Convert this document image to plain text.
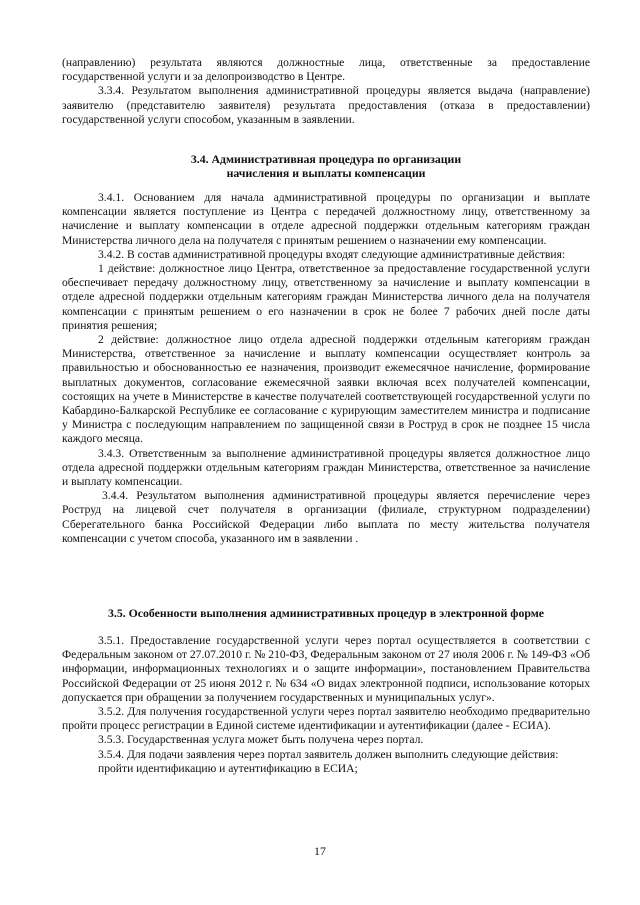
(направлению) результата являются должностные лица, ответственные за предоставление государственной услуги и за делопроизводство в Центре.

3.3.4. Результатом выполнения административной процедуры является выдача (направление) заявителю (представителю заявителя) результата предоставления (отказа в предоставлении) государственной услуги способом, указанным в заявлении.

3.4. Административная процедура по организации

начисления и выплаты компенсации

3.4.1. Основанием для начала административной процедуры по организации и выплате компенсации является поступление из Центра с передачей должностному лицу, ответственному за начисление и выплату компенсации в отделе адресной поддержки отдельным категориям граждан Министерства личного дела на получателя с принятым решением о назначении ему компенсации.

3.4.2. В состав административной процедуры входят следующие административные действия:

1 действие: должностное лицо Центра, ответственное за предоставление государственной услуги обеспечивает передачу должностному лицу, ответственному за начисление и выплату компенсации в отделе адресной поддержки отдельным категориям граждан Министерства личного дела на получателя компенсации с принятым решением о его назначении в срок не более 7 рабочих дней после даты принятия решения;

2 действие: должностное лицо отдела адресной поддержки отдельным категориям граждан Министерства, ответственное за начисление и выплату компенсации осуществляет контроль за правильностью и обоснованностью ее назначения, производит ежемесячное начисление, формирование выплатных документов, согласование ежемесячной заявки включая всех получателей компенсации, состоящих на учете в Министерстве в качестве получателей соответствующей государственной услуги по Кабардино-Балкарской Республике ее согласование с курирующим заместителем министра и подписание у Министра с последующим направлением по защищенной связи в Роструд в срок не позднее 15 числа каждого месяца.

3.4.3. Ответственным за выполнение административной процедуры является должностное лицо отдела адресной поддержки отдельным категориям граждан Министерства, ответственное за начисление и выплату компенсации.

3.4.4. Результатом выполнения административной процедуры является перечисление через Роструд на лицевой счет получателя в организации (филиале, структурном подразделении) Сберегательного банка Российской Федерации либо выплата по месту жительства получателя компенсации с учетом способа, указанного им в заявлении .

3.5. Особенности выполнения административных процедур в электронной форме

3.5.1. Предоставление государственной услуги через портал осуществляется в соответствии с Федеральным законом от 27.07.2010 г. № 210-ФЗ, Федеральным законом от 27 июля 2006 г. № 149-ФЗ «Об информации, информационных технологиях и о защите информации», постановлением Правительства Российской Федерации от 25 июня 2012 г. № 634 «О видах электронной подписи, использование которых допускается при обращении за получением государственных и муниципальных услуг».

3.5.2. Для получения государственной услуги через портал заявителю необходимо предварительно пройти процесс регистрации в Единой системе идентификации и аутентификации (далее - ЕСИА).

3.5.3. Государственная услуга может быть получена через портал.

3.5.4. Для подачи заявления через портал заявитель должен выполнить следующие действия:

пройти идентификацию и аутентификацию в ЕСИА;

17
